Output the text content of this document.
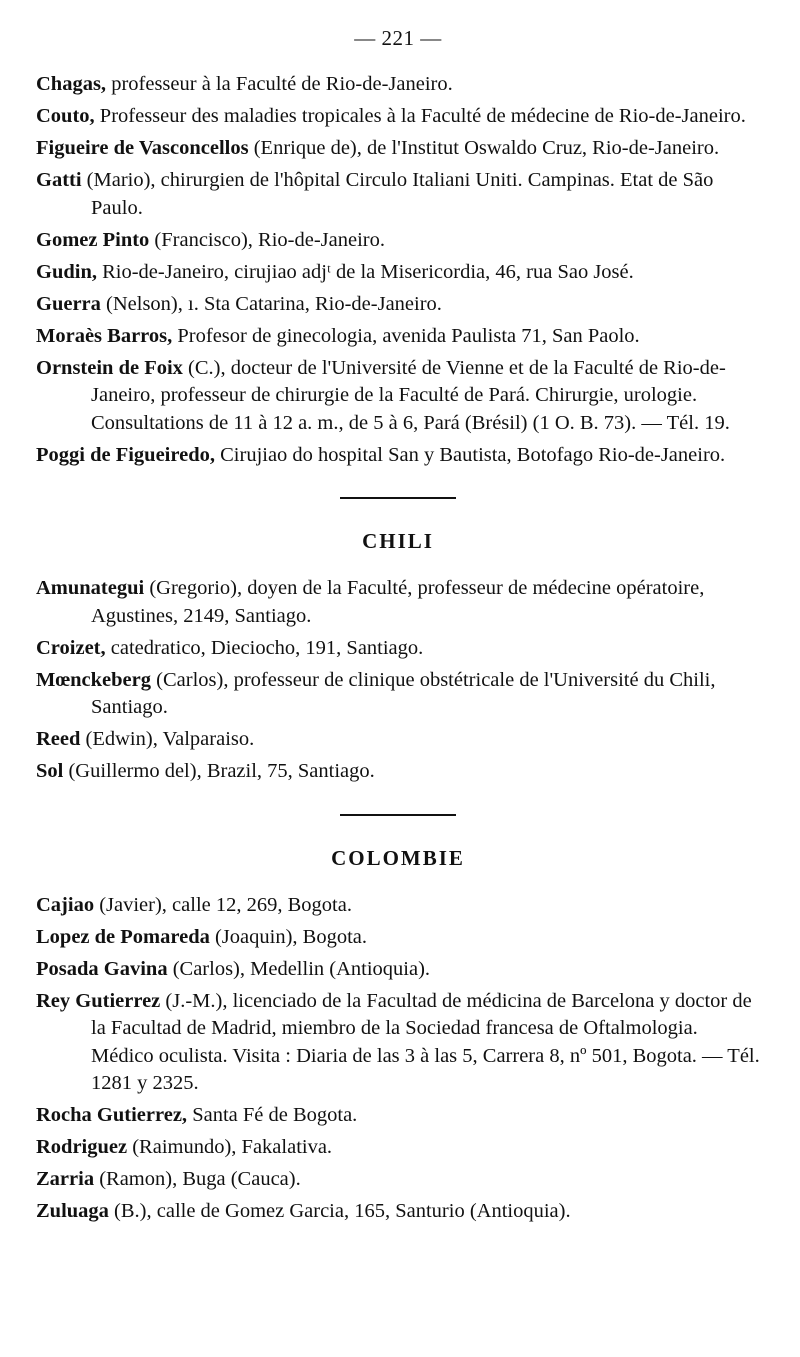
— 221 —

Chagas, professeur à la Faculté de Rio-de-Janeiro.

Couto, Professeur des maladies tropicales à la Faculté de médecine de Rio-de-Janeiro.

Figueire de Vasconcellos (Enrique de), de l'Institut Oswaldo Cruz, Rio-de-Janeiro.

Gatti (Mario), chirurgien de l'hôpital Circulo Italiani Uniti. Campinas. Etat de São Paulo.

Gomez Pinto (Francisco), Rio-de-Janeiro.

Gudin, Rio-de-Janeiro, cirujiao adjᵗ de la Misericordia, 46, rua Sao José.

Guerra (Nelson), ı. Sta Catarina, Rio-de-Janeiro.

Moraès Barros, Profesor de ginecologia, avenida Paulista 71, San Paolo.

Ornstein de Foix (C.), docteur de l'Université de Vienne et de la Faculté de Rio-de-Janeiro, professeur de chirurgie de la Faculté de Pará. Chirurgie, urologie. Consultations de 11 à 12 a. m., de 5 à 6, Pará (Brésil) (1 O. B. 73). — Tél. 19.

Poggi de Figueiredo, Cirujiao do hospital San y Bautista, Botofago Rio-de-Janeiro.

CHILI

Amunategui (Gregorio), doyen de la Faculté, professeur de médecine opératoire, Agustines, 2149, Santiago.

Croizet, catedratico, Dieciocho, 191, Santiago.

Mœnckeberg (Carlos), professeur de clinique obstétricale de l'Université du Chili, Santiago.

Reed (Edwin), Valparaiso.

Sol (Guillermo del), Brazil, 75, Santiago.

COLOMBIE

Cajiao (Javier), calle 12, 269, Bogota.

Lopez de Pomareda (Joaquin), Bogota.

Posada Gavina (Carlos), Medellin (Antioquia).

Rey Gutierrez (J.-M.), licenciado de la Facultad de médicina de Barcelona y doctor de la Facultad de Madrid, miembro de la Sociedad francesa de Oftalmologia. Médico oculista. Visita : Diaria de las 3 à las 5, Carrera 8, nº 501, Bogota. — Tél. 1281 y 2325.

Rocha Gutierrez, Santa Fé de Bogota.

Rodriguez (Raimundo), Fakalativa.

Zarria (Ramon), Buga (Cauca).

Zuluaga (B.), calle de Gomez Garcia, 165, Santurio (Antioquia).
